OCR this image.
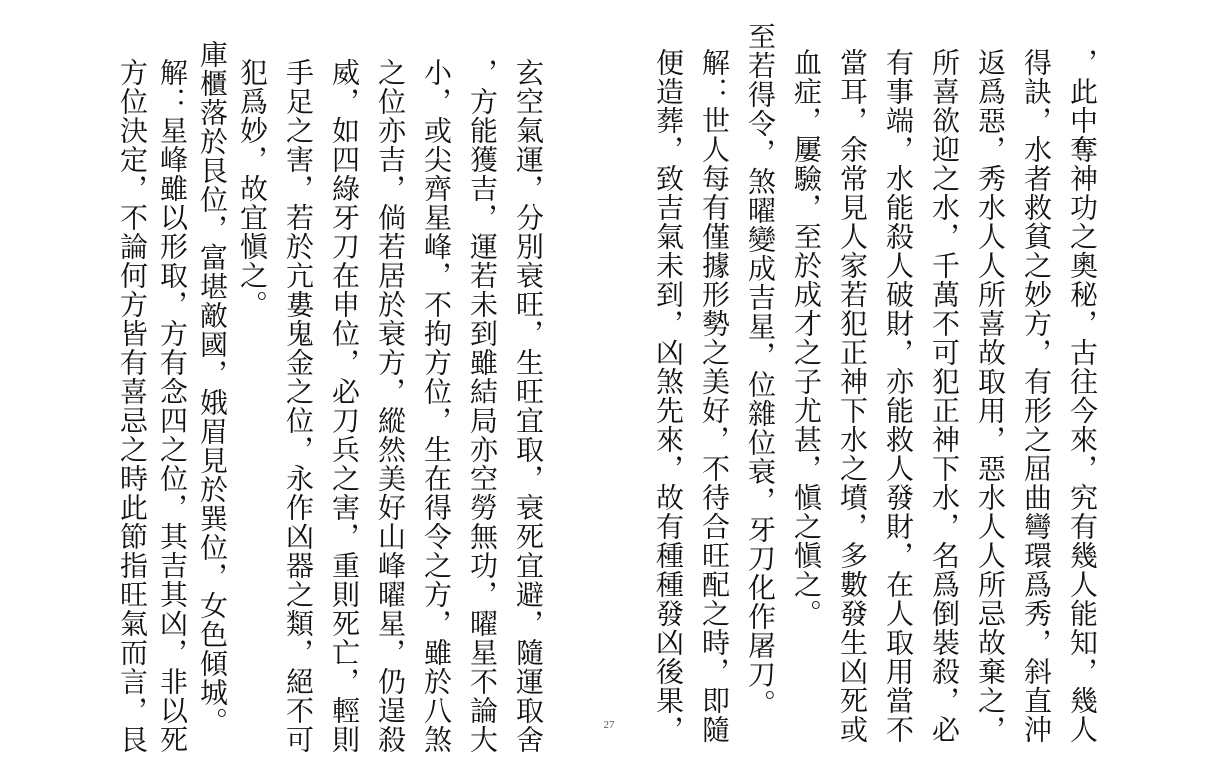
，此中奪神功之奧秘，古往今來，究有幾人能知，幾人
得訣，水者救貧之妙方，有形之屈曲彎環爲秀，斜直沖
返爲惡，秀水人人所喜故取用，惡水人人所忌故棄之，
所喜欲迎之水，千萬不可犯正神下水，名爲倒裝殺，必
有事端，水能殺人破財，亦能救人發財，在人取用當不
當耳，余常見人家若犯正神下水之墳，多數發生凶死或
血症，屢驗，至於成才之子尤甚，愼之愼之。
至若得令，煞曜變成吉星，位雜位衰，牙刀化作屠刀。
解：世人每有僅據形勢之美好，不待合旺配之時，即隨
便造葬，致吉氣未到，凶煞先來，故有種種發凶後果，
玄空氣運，分別衰旺，生旺宜取，衰死宜避，隨運取舍
，方能獲吉，運若未到雖結局亦空勞無功，曜星不論大
小，或尖齊星峰，不拘方位，生在得令之方，雖於八煞
之位亦吉，倘若居於衰方，縱然美好山峰曜星，仍逞殺
威，如四綠牙刀在申位，必刀兵之害，重則死亡，輕則
手足之害，若於亢婁鬼金之位，永作凶器之類，絕不可
犯爲妙，故宜愼之。
庫櫃落於艮位，富堪敵國，娥眉見於巽位，女色傾城。
解：星峰雖以形取，方有念四之位，其吉其凶，非以死
方位決定，不論何方皆有喜忌之時此節指旺氣而言，艮	27
